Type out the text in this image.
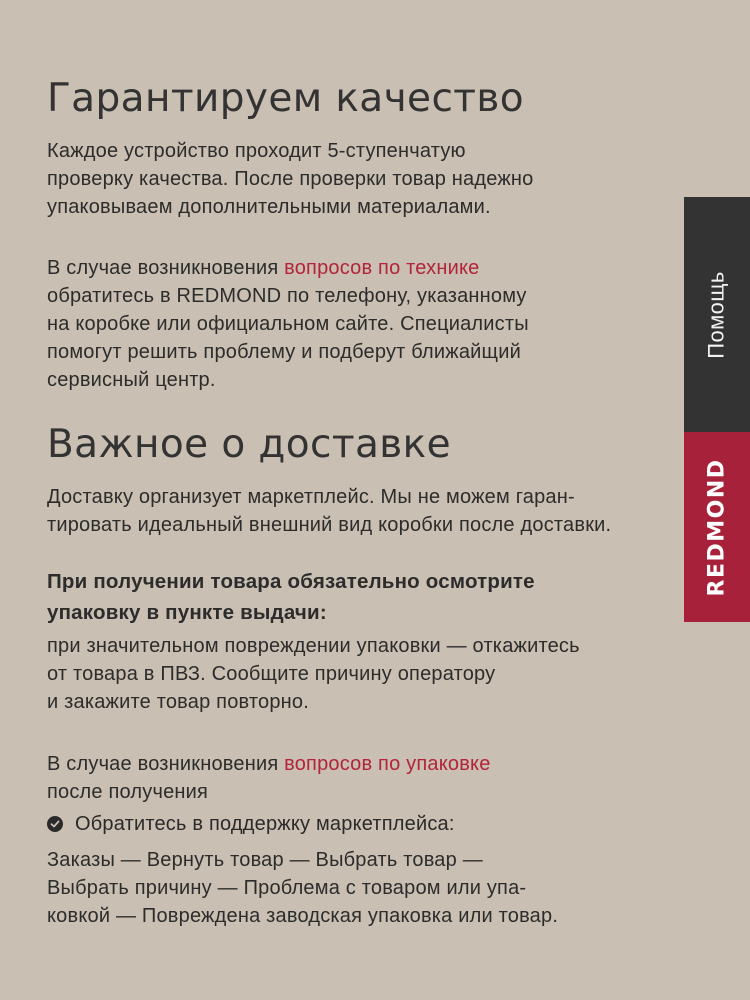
Гарантируем качество
Каждое устройство проходит 5-ступенчатую
проверку качества. После проверки товар надежно
упаковываем дополнительными материалами.
В случае возникновения вопросов по технике
обратитесь в REDMOND по телефону, указанному
на коробке или официальном сайте. Специалисты
помогут решить проблему и подберут ближайщий
сервисный центр.
Важное о доставке
Доставку организует маркетплейс. Мы не можем гаран-
тировать идеальный внешний вид коробки после доставки.
При получении товара обязательно осмотрите
упаковку в пункте выдачи:
при значительном повреждении упаковки — откажитесь
от товара в ПВЗ. Сообщите причину оператору
и закажите товар повторно.
В случае возникновения вопросов по упаковке
после получения
Обратитесь в поддержку маркетплейса:
Заказы — Вернуть товар — Выбрать товар —
Выбрать причину — Проблема с товаром или упа-
ковкой — Повреждена заводская упаковка или товар.
Помощь
REDMOND
